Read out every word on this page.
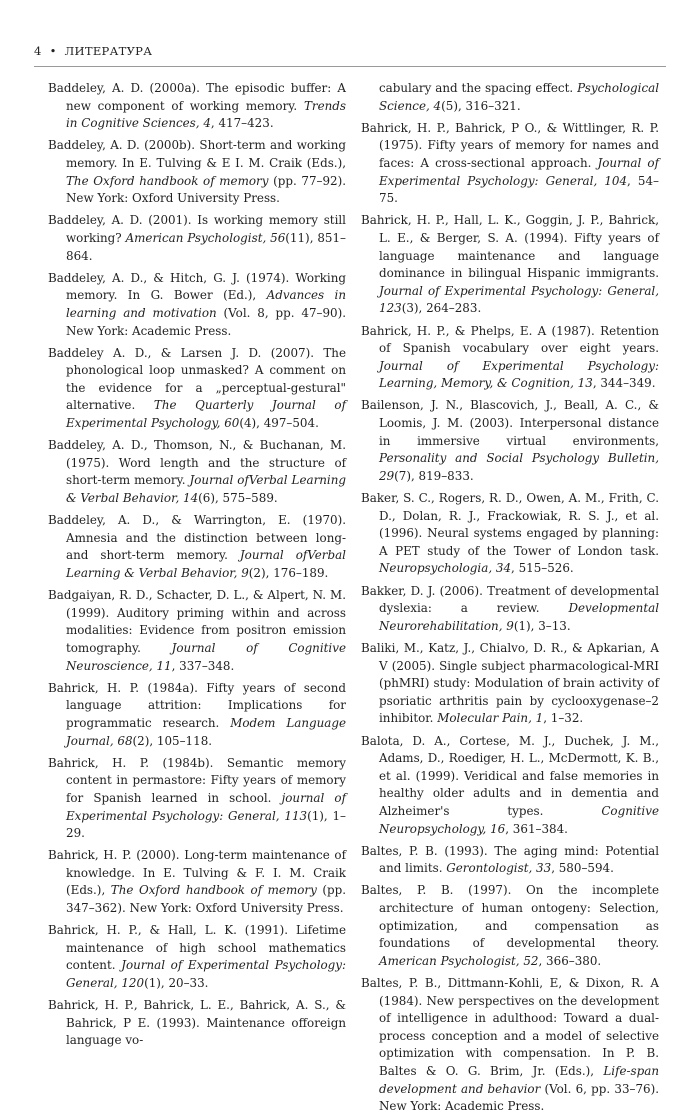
4 • ЛИТЕРАТУРА

Baddeley, A. D. (2000a). The episodic buffer: A new component of working memory. Trends in Cognitive Sciences, 4, 417–423.

Baddeley, A. D. (2000b). Short-term and working memory. In E. Tulving & E I. M. Craik (Eds.), The Oxford handbook of memory (pp. 77–92). New York: Oxford University Press.

Baddeley, A. D. (2001). Is working memory still working? American Psychologist, 56(11), 851–864.

Baddeley, A. D., & Hitch, G. J. (1974). Working memory. In G. Bower (Ed.), Advances in learning and motivation (Vol. 8, pp. 47–90). New York: Academic Press.

Baddeley A. D., & Larsen J. D. (2007). The phonological loop unmasked? A comment on the evidence for a „perceptual-gestural" alternative. The Quarterly Journal of Experimental Psychology, 60(4), 497–504.

Baddeley, A. D., Thomson, N., & Buchanan, M. (1975). Word length and the structure of short-term memory. Journal ofVerbal Learning & Verbal Behavior, 14(6), 575–589.

Baddeley, A. D., & Warrington, E. (1970). Amnesia and the distinction between long- and short-term memory. Journal ofVerbal Learning & Verbal Behavior, 9(2), 176–189.

Badgaiyan, R. D., Schacter, D. L., & Alpert, N. M. (1999). Auditory priming within and across modalities: Evidence from positron emission tomography. Journal of Cognitive Neuroscience, 11, 337–348.

Bahrick, H. P. (1984a). Fifty years of second language attrition: Implications for programmatic research. Modem Language Journal, 68(2), 105–118.

Bahrick, H. P. (1984b). Semantic memory content in permastore: Fifty years of memory for Spanish learned in school. journal of Experimental Psychology: General, 113(1), 1–29.

Bahrick, H. P. (2000). Long-term maintenance of knowledge. In E. Tulving & F. I. M. Craik (Eds.), The Oxford handbook of memory (pp. 347–362). New York: Oxford University Press.

Bahrick, H. P., & Hall, L. K. (1991). Lifetime maintenance of high school mathematics content. Journal of Experimental Psychology: General, 120(1), 20–33.

Bahrick, H. P., Bahrick, L. E., Bahrick, A. S., & Bahrick, P E. (1993). Maintenance offoreign language vo-

cabulary and the spacing effect. Psychological Science, 4(5), 316–321.

Bahrick, H. P., Bahrick, P O., & Wittlinger, R. P. (1975). Fifty years of memory for names and faces: A cross-sectional approach. Journal of Experimental Psychology: General, 104, 54–75.

Bahrick, H. P., Hall, L. K., Goggin, J. P., Bahrick, L. E., & Berger, S. A. (1994). Fifty years of language maintenance and language dominance in bilingual Hispanic immigrants. Journal of Experimental Psychology: General, 123(3), 264–283.

Bahrick, H. P., & Phelps, E. A (1987). Retention of Spanish vocabulary over eight years. Journal of Experimental Psychology: Learning, Memory, & Cognition, 13, 344–349.

Bailenson, J. N., Blascovich, J., Beall, A. C., & Loomis, J. M. (2003). Interpersonal distance in immersive virtual environments, Personality and Social Psychology Bulletin, 29(7), 819–833.

Baker, S. C., Rogers, R. D., Owen, A. M., Frith, C. D., Dolan, R. J., Frackowiak, R. S. J., et al. (1996). Neural systems engaged by planning: A PET study of the Tower of London task. Neuropsychologia, 34, 515–526.

Bakker, D. J. (2006). Treatment of developmental dyslexia: a review. Developmental Neurorehabilitation, 9(1), 3–13.

Baliki, M., Katz, J., Chialvo, D. R., & Apkarian, A V (2005). Single subject pharmacological-MRI (phMRI) study: Modulation of brain activity of psoriatic arthritis pain by cyclooxygenase–2 inhibitor. Molecular Pain, 1, 1–32.

Balota, D. A., Cortese, M. J., Duchek, J. M., Adams, D., Roediger, H. L., McDermott, K. B., et al. (1999). Veridical and false memories in healthy older adults and in dementia and Alzheimer's types. Cognitive Neuropsychology, 16, 361–384.

Baltes, P. B. (1993). The aging mind: Potential and limits. Gerontologist, 33, 580–594.

Baltes, P. B. (1997). On the incomplete architecture of human ontogeny: Selection, optimization, and compensation as foundations of developmental theory. American Psychologist, 52, 366–380.

Baltes, P. B., Dittmann-Kohli, E, & Dixon, R. A (1984). New perspectives on the development of intelligence in adulthood: Toward a dual-process conception and a model of selective optimization with compensation. In P. B. Baltes & O. G. Brim, Jr. (Eds.), Life-span development and behavior (Vol. 6, pp. 33–76). New York: Academic Press.
